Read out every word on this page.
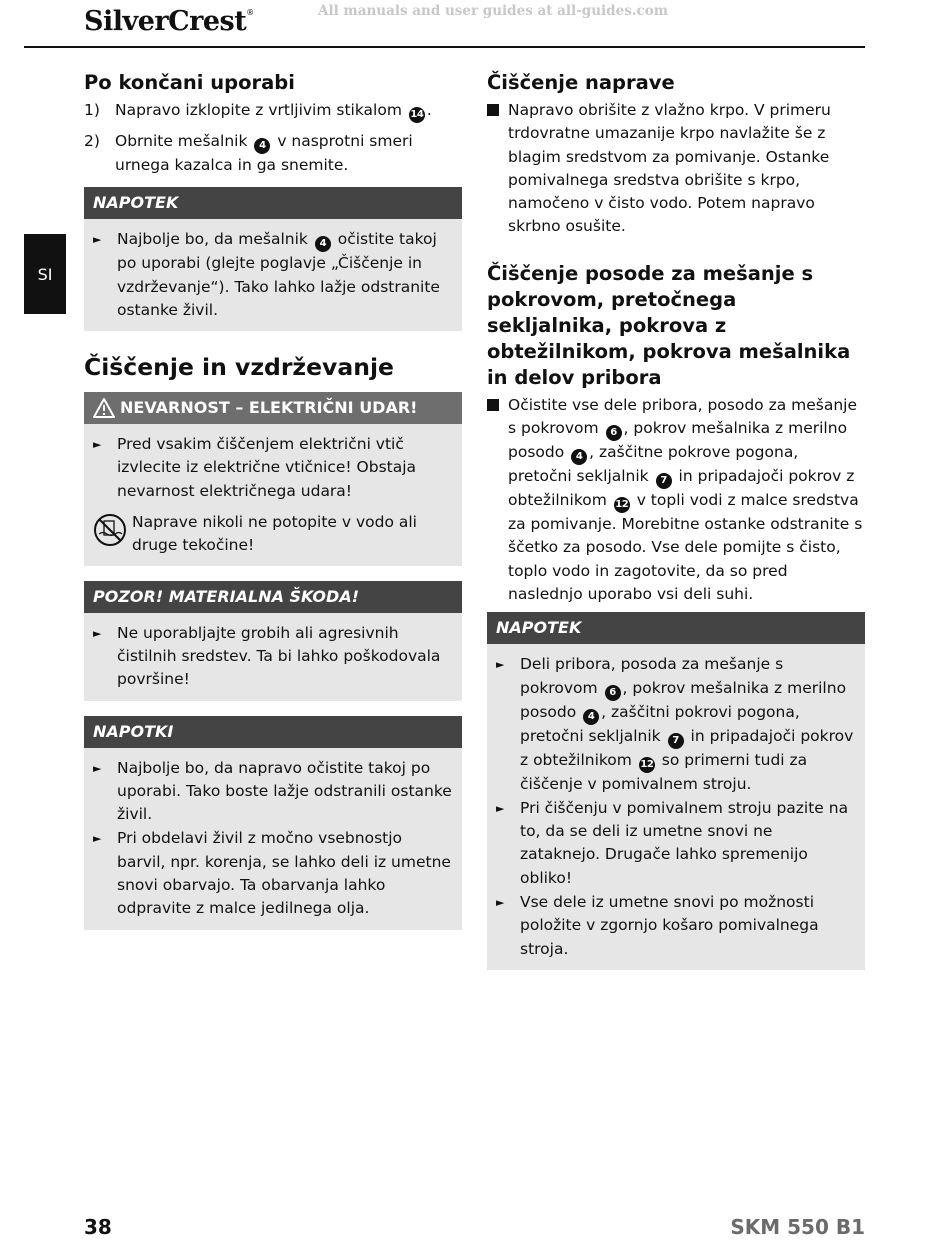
SilverCrest®	All manuals and user guides at all-guides.com
SI
Po končani uporabi
1) Napravo izklopite z vrtljivim stikalom 14 .
2) Obrnite mešalnik 4 v nasprotni smeri urnega kazalca in ga snemite.
NAPOTEK
►	Najbolje bo, da mešalnik 4 očistite takoj po uporabi (glejte poglavje „Čiščenje in vzdrževanje“). Tako lahko lažje odstranite ostanke živil.
Čiščenje in vzdrževanje
NEVARNOST – ELEKTRIČNI UDAR!
►	Pred vsakim čiščenjem električni vtič izvlecite iz električne vtičnice! Obstaja nevarnost električnega udara!
Naprave nikoli ne potopite v vodo ali druge tekočine!
POZOR! MATERIALNA ŠKODA!
►	Ne uporabljajte grobih ali agresivnih čistilnih sredstev. Ta bi lahko poškodovala površine!
NAPOTKI
►	Najbolje bo, da napravo očistite takoj po uporabi. Tako boste lažje odstranili ostanke živil.
►	Pri obdelavi živil z močno vsebnostjo barvil, npr. korenja, se lahko deli iz umetne snovi obarvajo. Ta obarvanja lahko odpravite z malce jedilnega olja.
Čiščenje naprave
Napravo obrišite z vlažno krpo. V primeru trdovratne umazanije krpo navlažite še z blagim sredstvom za pomivanje. Ostanke pomivalnega sredstva obrišite s krpo, namočeno v čisto vodo. Potem napravo skrbno osušite.
Čiščenje posode za mešanje s pokrovom, pretočnega sekljalnika, pokrova z obtežilnikom, pokrova mešalnika in delov pribora
Očistite vse dele pribora, posodo za mešanje s pokrovom 6 , pokrov mešalnika z merilno posodo 4 , zaščitne pokrove pogona, pretočni sekljalnik 7 in pripadajoči pokrov z obtežilnikom 12 v topli vodi z malce sredstva za pomivanje. Morebitne ostanke odstranite s ščetko za posodo. Vse dele pomijte s čisto, toplo vodo in zagotovite, da so pred naslednjo uporabo vsi deli suhi.
NAPOTEK
►	Deli pribora, posoda za mešanje s pokrovom 6 , pokrov mešalnika z merilno posodo 4 , zaščitni pokrovi pogona, pretočni sekljalnik 7 in pripadajoči pokrov z obtežilnikom 12 so primerni tudi za čiščenje v pomivalnem stroju.
►	Pri čiščenju v pomivalnem stroju pazite na to, da se deli iz umetne snovi ne zataknejo. Drugače lahko spremenijo obliko!
►	Vse dele iz umetne snovi po možnosti položite v zgornjo košaro pomivalnega stroja.
38	SKM 550 B1
